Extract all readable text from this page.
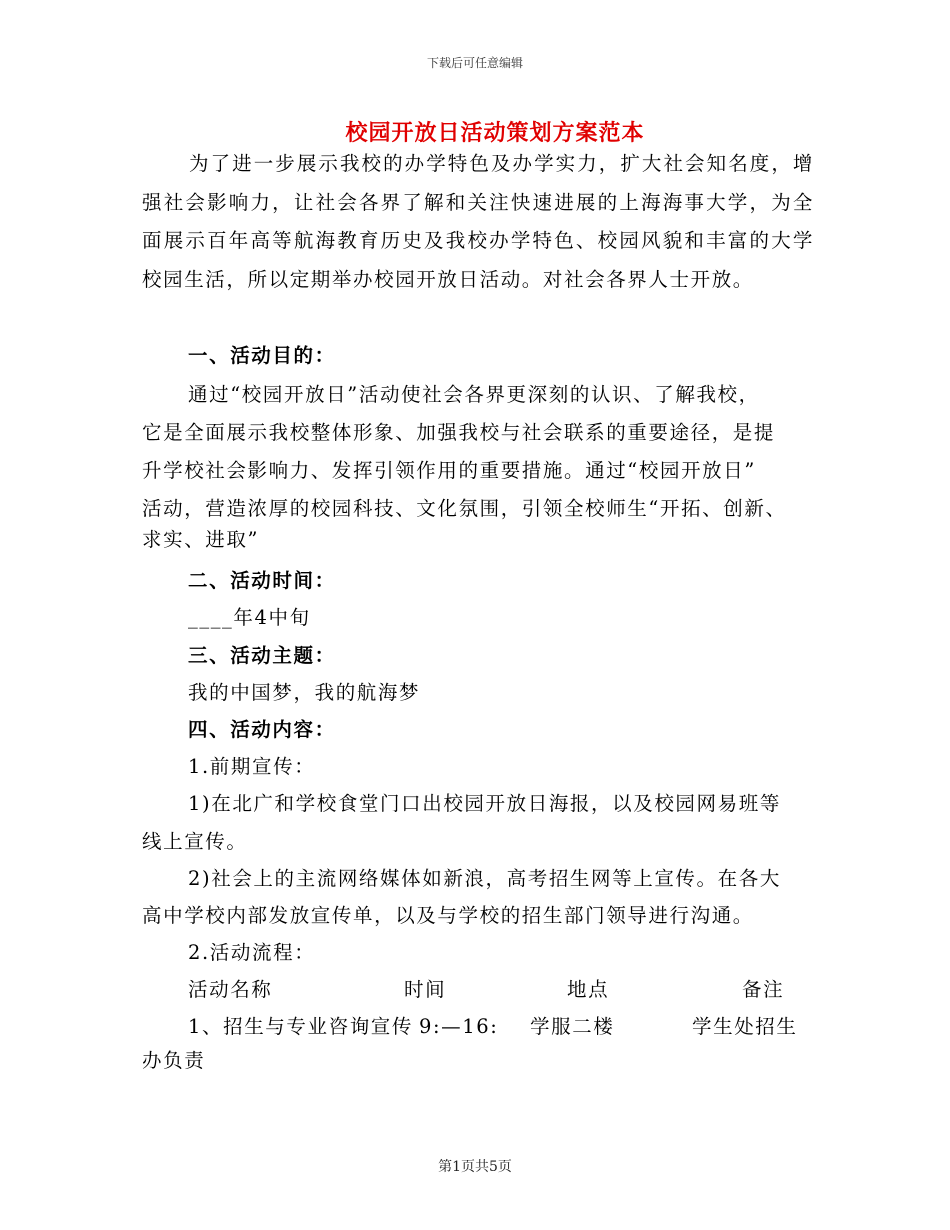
下载后可任意编辑
校园开放日活动策划方案范本

为了进一步展示我校的办学特色及办学实力，扩大社会知名度，增强社会影响力，让社会各界了解和关注快速进展的上海海事大学，为全面展示百年高等航海教育历史及我校办学特色、校园风貌和丰富的大学校园生活，所以定期举办校园开放日活动。对社会各界人士开放。

一、活动目的：
通过“校园开放日”活动使社会各界更深刻的认识、了解我校，
它是全面展示我校整体形象、加强我校与社会联系的重要途径，是提
升学校社会影响力、发挥引领作用的重要措施。通过“校园开放日”
活动，营造浓厚的校园科技、文化氛围，引领全校师生“开拓、创新、
求实、进取”
二、活动时间：
____年4中旬
三、活动主题：
我的中国梦，我的航海梦
四、活动内容：
1.前期宣传：
1)在北广和学校食堂门口出校园开放日海报，以及校园网易班等
线上宣传。
2)社会上的主流网络媒体如新浪，高考招生网等上宣传。在各大
高中学校内部发放宣传单，以及与学校的招生部门领导进行沟通。
2.活动流程：
活动名称	时间	地点	备注
1、招生与专业咨询宣传 9:—16: 学服二楼	学生处招生
办负责
第1页共5页
